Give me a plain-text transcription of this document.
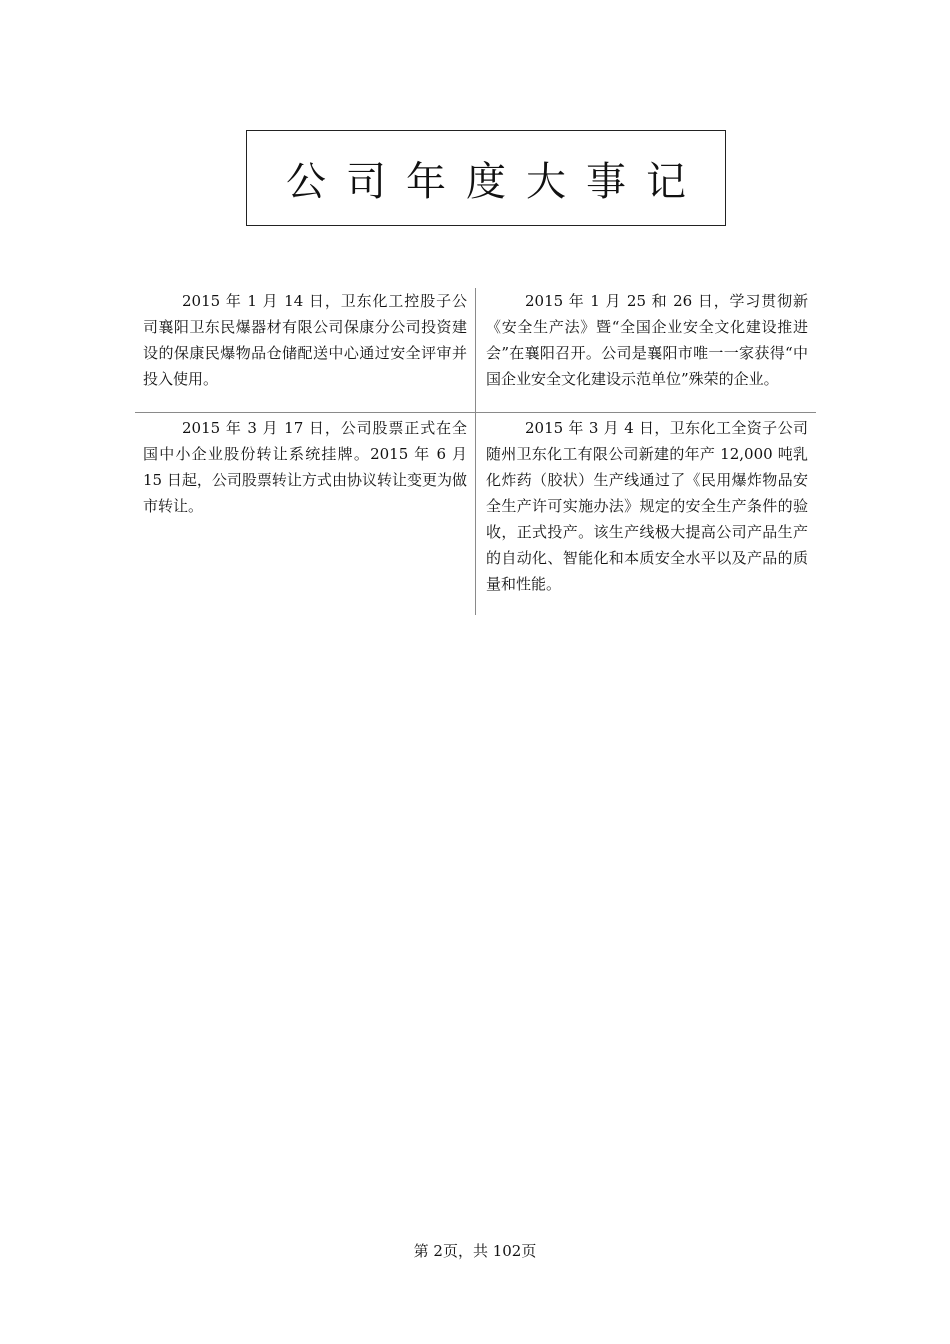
公司年度大事记
2015 年 1 月 14 日，卫东化工控股子公司襄阳卫东民爆器材有限公司保康分公司投资建设的保康民爆物品仓储配送中心通过安全评审并投入使用。
2015 年 1 月 25 和 26 日，学习贯彻新《安全生产法》暨“全国企业安全文化建设推进会”在襄阳召开。公司是襄阳市唯一一家获得“中国企业安全文化建设示范单位”殊荣的企业。
2015 年 3 月 17 日，公司股票正式在全国中小企业股份转让系统挂牌。2015 年 6 月 15 日起，公司股票转让方式由协议转让变更为做市转让。
2015 年 3 月 4 日，卫东化工全资子公司随州卫东化工有限公司新建的年产 12,000 吨乳化炸药（胶状）生产线通过了《民用爆炸物品安全生产许可实施办法》规定的安全生产条件的验收，正式投产。该生产线极大提高公司产品生产的自动化、智能化和本质安全水平以及产品的质量和性能。
第 2页，共 102页
